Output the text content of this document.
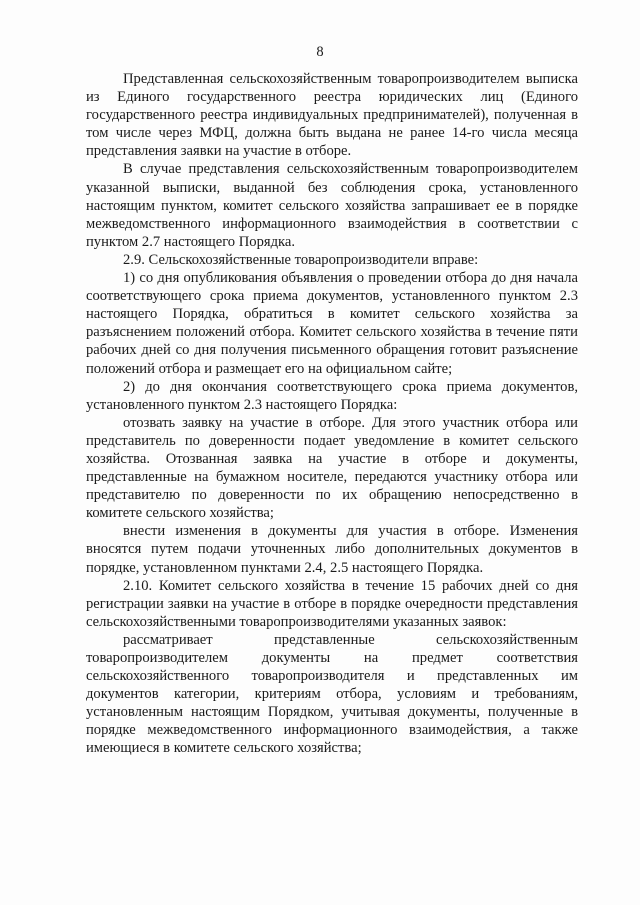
8

Представленная сельскохозяйственным товаропроизводителем выписка из Единого государственного реестра юридических лиц (Единого государственного реестра индивидуальных предпринимателей), полученная в том числе через МФЦ, должна быть выдана не ранее 14-го числа месяца представления заявки на участие в отборе.

В случае представления сельскохозяйственным товаропроизводителем указанной выписки, выданной без соблюдения срока, установленного настоящим пунктом, комитет сельского хозяйства запрашивает ее в порядке межведомственного информационного взаимодействия в соответствии с пунктом 2.7 настоящего Порядка.

2.9. Сельскохозяйственные товаропроизводители вправе:

1) со дня опубликования объявления о проведении отбора до дня начала соответствующего срока приема документов, установленного пунктом 2.3 настоящего Порядка, обратиться в комитет сельского хозяйства за разъяснением положений отбора. Комитет сельского хозяйства в течение пяти рабочих дней со дня получения письменного обращения готовит разъяснение положений отбора и размещает его на официальном сайте;

2) до дня окончания соответствующего срока приема документов, установленного пунктом 2.3 настоящего Порядка:

отозвать заявку на участие в отборе. Для этого участник отбора или представитель по доверенности подает уведомление в комитет сельского хозяйства. Отозванная заявка на участие в отборе и документы, представленные на бумажном носителе, передаются участнику отбора или представителю по доверенности по их обращению непосредственно в комитете сельского хозяйства;

внести изменения в документы для участия в отборе. Изменения вносятся путем подачи уточненных либо дополнительных документов в порядке, установленном пунктами 2.4, 2.5 настоящего Порядка.

2.10. Комитет сельского хозяйства в течение 15 рабочих дней со дня регистрации заявки на участие в отборе в порядке очередности представления сельскохозяйственными товаропроизводителями указанных заявок:

рассматривает представленные сельскохозяйственным товаропроизводителем документы на предмет соответствия сельскохозяйственного товаропроизводителя и представленных им документов категории, критериям отбора, условиям и требованиям, установленным настоящим Порядком, учитывая документы, полученные в порядке межведомственного информационного взаимодействия, а также имеющиеся в комитете сельского хозяйства;
